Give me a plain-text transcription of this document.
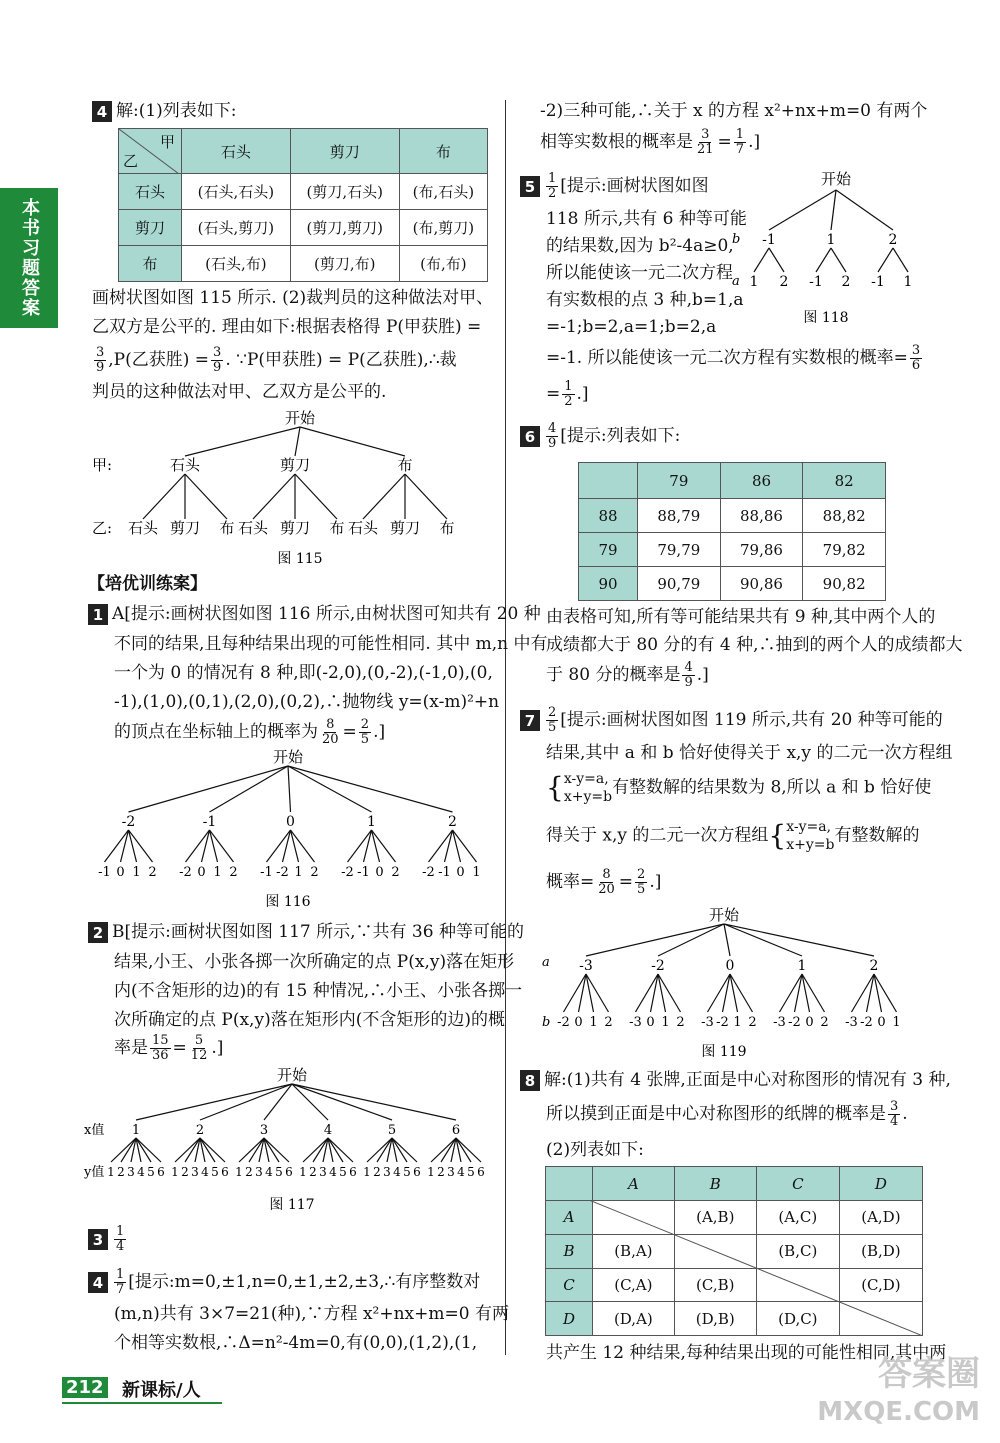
本书习题答案
4 解:(1)列表如下:
甲
乙	石头	剪刀	布
石头	(石头,石头)	(剪刀,石头)	(布,石头)
剪刀	(石头,剪刀)	(剪刀,剪刀)	(布,剪刀)
布	(石头,布)	(剪刀,布)	(布,布)
画树状图如图 115 所示. (2)裁判员的这种做法对甲、
乙双方是公平的. 理由如下:根据表格得 P(甲获胜) =
$\frac{3}{9} ,P$(乙获胜) = $\frac{3}{9}$ . ∵P(甲获胜) = P(乙获胜),∴裁
判员的这种做法对甲、乙双方是公平的.
开始
甲:
乙:
石头
石头 剪刀 布
剪刀
石头 剪刀 布
布
石头 剪刀 布
图 115
【培优训练案】
1 A[提示:画树状图如图 116 所示,由树状图可知共有 20 种
不同的结果,且每种结果出现的可能性相同. 其中 m,n 中有
一个为 0 的情况有 8 种,即(-2,0),(0,-2),(-1,0),(0,
-1),(1,0),(0,1),(2,0),(0,2),∴抛物线 y=(x-m)²+n
的顶点在坐标轴上的概率为 $\frac{8}{20} = \frac{2}{5}$ .]
开始
-2
-1 0 1 2
-1
-2 0 1 2
0
-1 -2 1 2
1
-2 -1 0 2
2
-2 -1 0 1
图 116
2 B[提示:画树状图如图 117 所示,∵共有 36 种等可能的
结果,小王、小张各掷一次所确定的点 P(x,y)落在矩形
内(不含矩形的边)的有 15 种情况,∴小王、小张各掷一
次所确定的点 P(x,y)落在矩形内(不含矩形的边)的概
率是 $\frac{15}{36} = \frac{5}{12}$ .]
开始
x值
y值
1
1 2 3 4 5 6
2
1 2 3 4 5 6
3
1 2 3 4 5 6
4
1 2 3 4 5 6
5
1 2 3 4 5 6
6
1 2 3 4 5 6
图 117
$3 \frac{1}{4}$
$4 \frac{1}{7}$ [提示:m=0,±1,n=0,±1,±2,±3,∴有序整数对
(m,n)共有 3×7=21(种),∵方程 x²+nx+m=0 有两
个相等实数根,∴Δ=n²-4m=0,有(0,0),(1,2),(1,
-2)三种可能,∴关于 x 的方程 x²+nx+m=0 有两个
相等实数根的概率是 $\frac{3}{21} = \frac{1}{7}$ .]
$5 \frac{1}{2}$ [提示:画树状图如图
118 所示,共有 6 种等可能
的结果数,因为 b²-4a≥0,
所以能使该一元二次方程
有实数根的点 3 种,b=1,a
=-1;b=2,a=1;b=2,a
=-1. 所以能使该一元二次方程有实数根的概率= $\frac{3}{6}$
= $\frac{1}{2}$ .]
开始
b
a
-1
1 2
1
-1 2
2
-1 1
图 118
$6 \frac{4}{9}$ [提示:列表如下:
	79	86	82
88	88,79	88,86	88,82
79	79,79	79,86	79,82
90	90,79	90,86	90,82
由表格可知,所有等可能结果共有 9 种,其中两个人的
成绩都大于 80 分的有 4 种,∴抽到的两个人的成绩都大
于 80 分的概率是 $\frac{4}{9}$ .]
$7 \frac{2}{5}$ [提示:画树状图如图 119 所示,共有 20 种等可能的
结果,其中 a 和 b 恰好使得关于 x,y 的二元一次方程组
{ x-y=a,
x+y=b 有整数解的结果数为 8,所以 a 和 b 恰好使
得关于 x,y 的二元一次方程组{ x-y=a,
x+y=b 有整数解的
概率= $\frac{8}{20} = \frac{2}{5}$ .]
开始
a
b
-3
-2 0 1 2
-2
-3 0 1 2
0
-3 -2 1 2
1
-3 -2 0 2
2
-3 -2 0 1
图 119
8 解:(1)共有 4 张牌,正面是中心对称图形的情况有 3 种,
所以摸到正面是中心对称图形的纸牌的概率是 $\frac{3}{4}$ .
(2)列表如下:
	A	B	C	D
A		(A,B)	(A,C)	(A,D)
B	(B,A)		(B,C)	(B,D)
C	(C,A)	(C,B)		(C,D)
D	(D,A)	(D,B)	(D,C)	
共产生 12 种结果,每种结果出现的可能性相同,其中两
212 新课标/人	答案圈
MXQE.COM
